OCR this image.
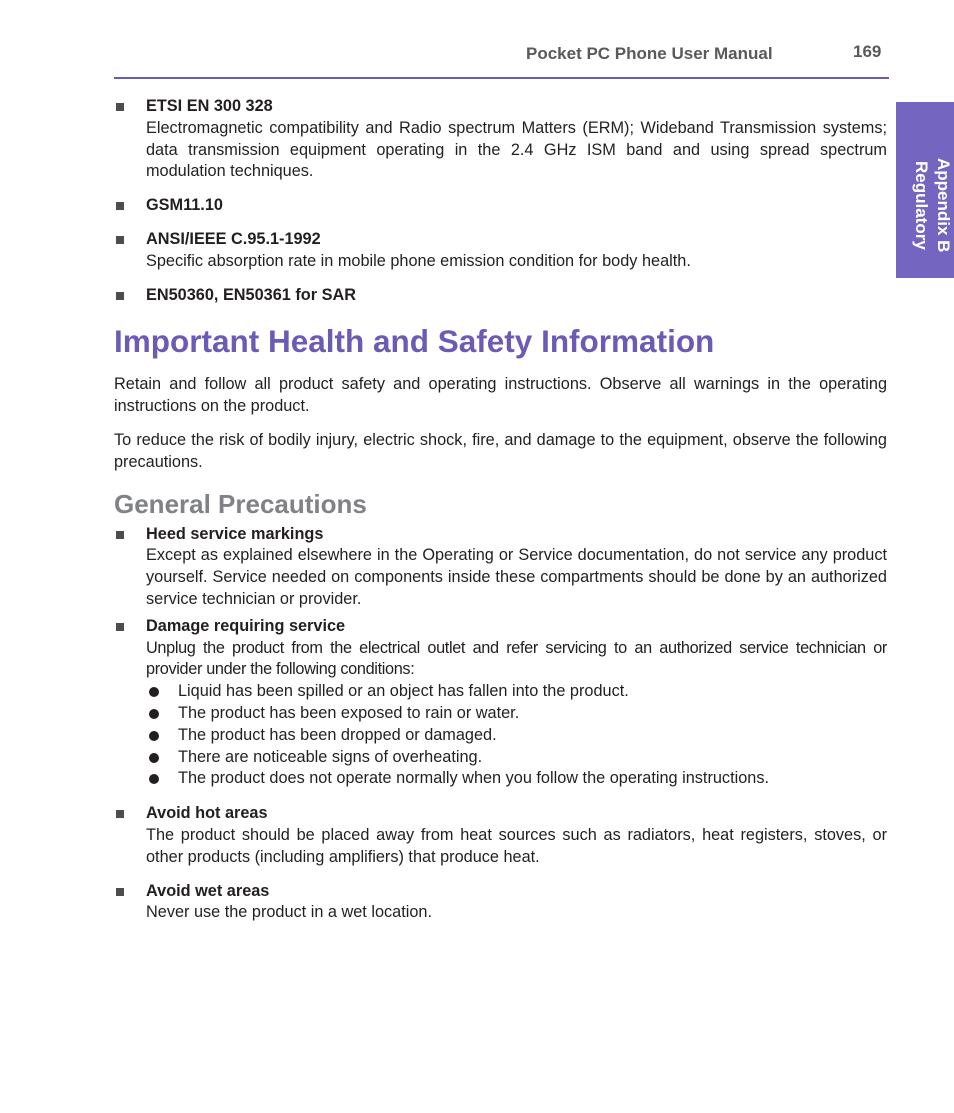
Pocket PC Phone User Manual	169
Appendix B
Regulatory
ETSI EN 300 328
Electromagnetic compatibility and Radio spectrum Matters (ERM); Wideband Transmission systems; data transmission equipment operating in the 2.4 GHz ISM band and using spread spectrum modulation techniques.
GSM11.10
ANSI/IEEE C.95.1-1992
Specific absorption rate in mobile phone emission condition for body health.
EN50360, EN50361 for SAR
Important Health and Safety Information

Retain and follow all product safety and operating instructions. Observe all warnings in the operating instructions on the product.

To reduce the risk of bodily injury, electric shock, fire, and damage to the equipment, observe the following precautions.

General Precautions
Heed service markings
Except as explained elsewhere in the Operating or Service documentation, do not service any product yourself. Service needed on components inside these compartments should be done by an authorized service technician or provider.
Damage requiring service
Unplug the product from the electrical outlet and refer servicing to an authorized service technician or provider under the following conditions:
Liquid has been spilled or an object has fallen into the product.
The product has been exposed to rain or water.
The product has been dropped or damaged.
There are noticeable signs of overheating.
The product does not operate normally when you follow the operating instructions.
Avoid hot areas
The product should be placed away from heat sources such as radiators, heat registers, stoves, or other products (including amplifiers) that produce heat.
Avoid wet areas
Never use the product in a wet location.
